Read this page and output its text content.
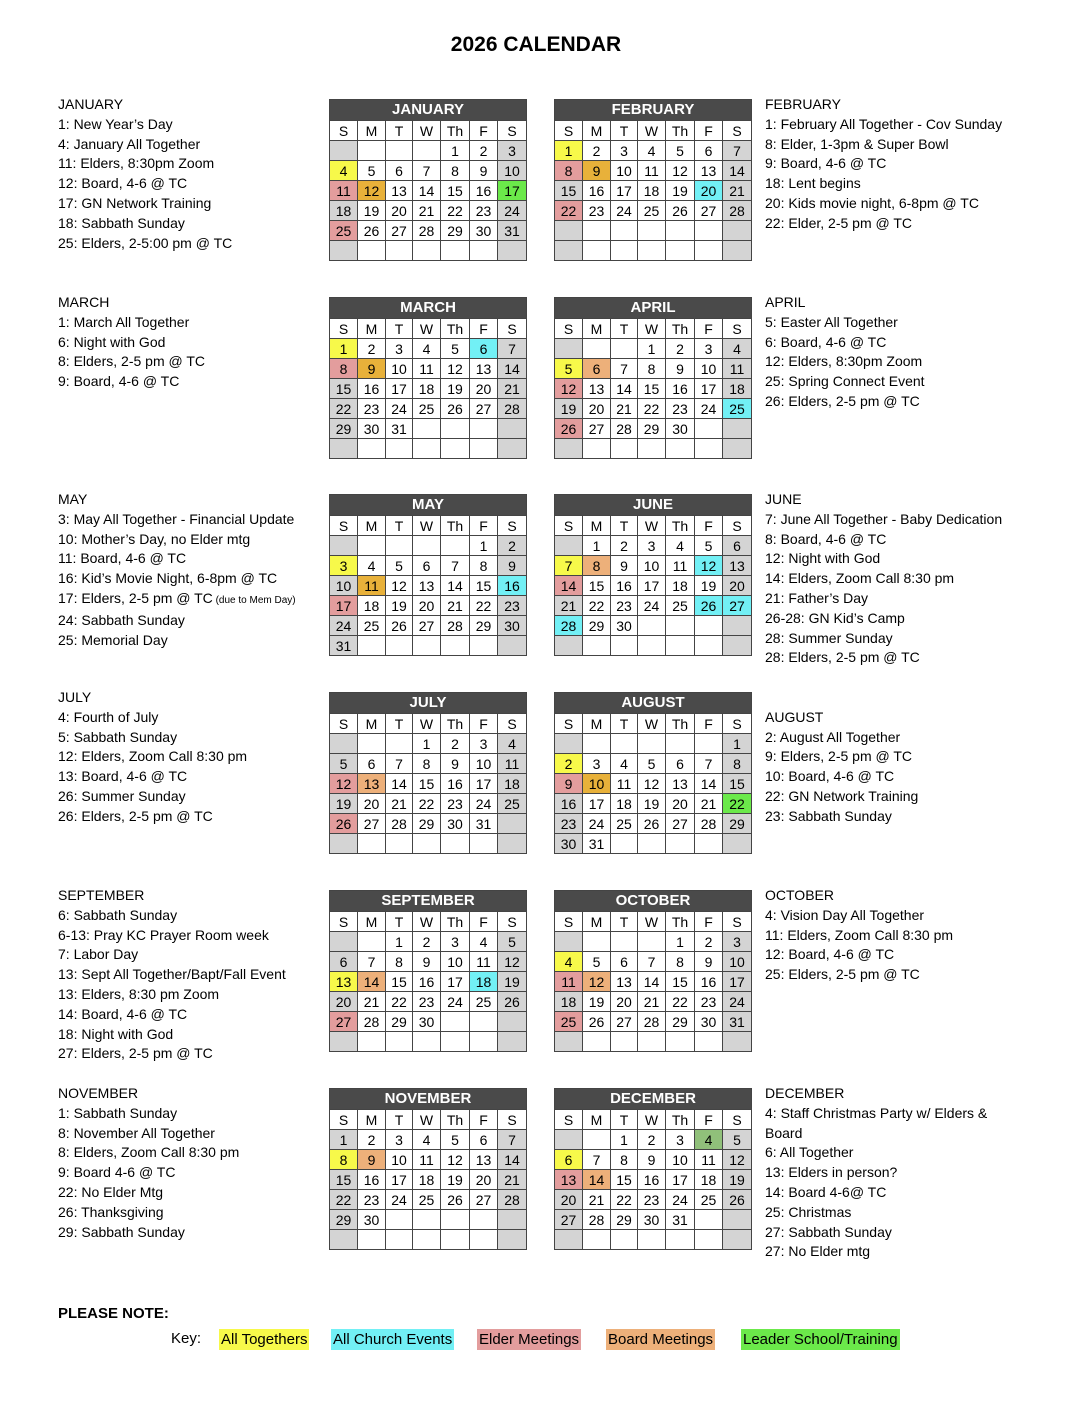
2026 CALENDAR
JANUARY
1: New Year’s Day
4: January All Together
11: Elders, 8:30pm Zoom
12: Board, 4-6 @ TC
17: GN Network Training
18: Sabbath Sunday
25: Elders, 2-5:00 pm @ TC
JANUARY						
S	M	T	W	Th	F	S
				1	2	3
4	5	6	7	8	9	10
11	12	13	14	15	16	17
18	19	20	21	22	23	24
25	26	27	28	29	30	31

FEBRUARY
1: February All Together - Cov Sunday
8: Elder, 1-3pm & Super Bowl
9: Board, 4-6 @ TC
18: Lent begins
20: Kids movie night, 6-8pm @ TC
22: Elder, 2-5 pm @ TC
FEBRUARY						
S	M	T	W	Th	F	S
1	2	3	4	5	6	7
8	9	10	11	12	13	14
15	16	17	18	19	20	21
22	23	24	25	26	27	28

MARCH
1: March All Together
6: Night with God
8: Elders, 2-5 pm @ TC
9: Board, 4-6 @ TC
MARCH						
S	M	T	W	Th	F	S
1	2	3	4	5	6	7
8	9	10	11	12	13	14
15	16	17	18	19	20	21
22	23	24	25	26	27	28
29	30	31				

APRIL
5: Easter All Together
6: Board, 4-6 @ TC
12: Elders, 8:30pm Zoom
25: Spring Connect Event
26: Elders, 2-5 pm @ TC
APRIL						
S	M	T	W	Th	F	S
			1	2	3	4
5	6	7	8	9	10	11
12	13	14	15	16	17	18
19	20	21	22	23	24	25
26	27	28	29	30		

MAY
3: May All Together - Financial Update
10: Mother’s Day, no Elder mtg
11: Board, 4-6 @ TC
16: Kid’s Movie Night, 6-8pm @ TC
17: Elders, 2-5 pm @ TC (due to Mem Day)
24: Sabbath Sunday
25: Memorial Day
MAY						
S	M	T	W	Th	F	S
					1	2
3	4	5	6	7	8	9
10	11	12	13	14	15	16
17	18	19	20	21	22	23
24	25	26	27	28	29	30
31						
JUNE
7: June All Together - Baby Dedication
8: Board, 4-6 @ TC
12: Night with God
14: Elders, Zoom Call 8:30 pm
21: Father’s Day
26-28: GN Kid’s Camp
28: Summer Sunday
28: Elders, 2-5 pm @ TC
JUNE						
S	M	T	W	Th	F	S
	1	2	3	4	5	6
7	8	9	10	11	12	13
14	15	16	17	18	19	20
21	22	23	24	25	26	27
28	29	30				

JULY
4: Fourth of July
5: Sabbath Sunday
12: Elders, Zoom Call 8:30 pm
13: Board, 4-6 @ TC
26: Summer Sunday
26: Elders, 2-5 pm @ TC
JULY						
S	M	T	W	Th	F	S
			1	2	3	4
5	6	7	8	9	10	11
12	13	14	15	16	17	18
19	20	21	22	23	24	25
26	27	28	29	30	31	

AUGUST
2: August All Together
9: Elders, 2-5 pm @ TC
10: Board, 4-6 @ TC
22: GN Network Training
23: Sabbath Sunday
AUGUST						
S	M	T	W	Th	F	S
						1
2	3	4	5	6	7	8
9	10	11	12	13	14	15
16	17	18	19	20	21	22
23	24	25	26	27	28	29
30	31					
SEPTEMBER
6: Sabbath Sunday
6-13: Pray KC Prayer Room week
7: Labor Day
13: Sept All Together/Bapt/Fall Event
13: Elders, 8:30 pm Zoom
14: Board, 4-6 @ TC
18: Night with God
27: Elders, 2-5 pm @ TC
SEPTEMBER						
S	M	T	W	Th	F	S
		1	2	3	4	5
6	7	8	9	10	11	12
13	14	15	16	17	18	19
20	21	22	23	24	25	26
27	28	29	30			

OCTOBER
4: Vision Day All Together
11: Elders, Zoom Call 8:30 pm
12: Board, 4-6 @ TC
25: Elders, 2-5 pm @ TC
OCTOBER						
S	M	T	W	Th	F	S
				1	2	3
4	5	6	7	8	9	10
11	12	13	14	15	16	17
18	19	20	21	22	23	24
25	26	27	28	29	30	31

NOVEMBER
1: Sabbath Sunday
8: November All Together
8: Elders, Zoom Call 8:30 pm
9: Board 4-6 @ TC
22: No Elder Mtg
26: Thanksgiving
29: Sabbath Sunday
NOVEMBER						
S	M	T	W	Th	F	S
1	2	3	4	5	6	7
8	9	10	11	12	13	14
15	16	17	18	19	20	21
22	23	24	25	26	27	28
29	30					

DECEMBER
4: Staff Christmas Party w/ Elders &
Board
6: All Together
13: Elders in person?
14: Board 4-6@ TC
25: Christmas
27: Sabbath Sunday
27: No Elder mtg
DECEMBER						
S	M	T	W	Th	F	S
		1	2	3	4	5
6	7	8	9	10	11	12
13	14	15	16	17	18	19
20	21	22	23	24	25	26
27	28	29	30	31		

PLEASE NOTE:
Key: All Togethers All Church Events Elder Meetings Board Meetings Leader School/Training
